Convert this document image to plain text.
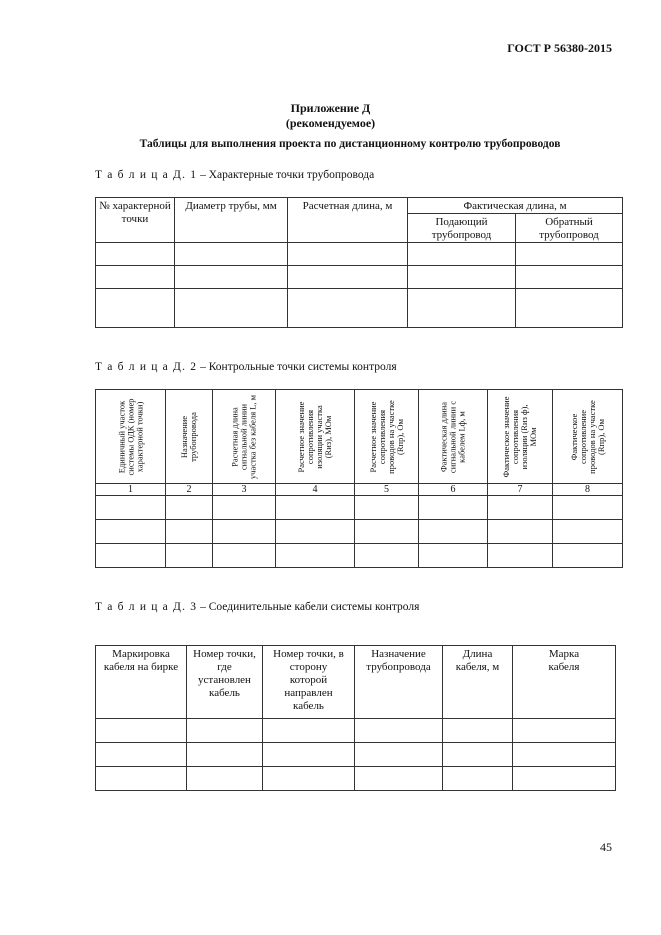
ГОСТ Р 56380-2015
Приложение Д
(рекомендуемое)
Таблицы для выполнения проекта по дистанционному контролю трубопроводов
Т а б л и ц а Д. 1 – Характерные точки трубопровода
№ характерной точки	Диаметр трубы, мм	Расчетная длина, м	Фактическая длина, м	
			Подающий трубопровод	Обратный трубопровод

Т а б л и ц а Д. 2 – Контрольные точки системы контроля
Единичный участок системы ОДК (номер характерной точки)	Назначение трубопровода	Расчетная длина сигнальной линии участка без кабеля L, м	Расчетное значение сопротивления изоляции участка (Rиз), МОм	Расчетное значение сопротивления проводов на участке (Rпр), Ом	Фактическая длина сигнальной линии с кабелем Lф, м	Фактическое значение сопротивления изоляции (Rиз ф), МОм	Фактическое сопротивление проводов на участке (Rпр), Ом

1	2	3	4	5	6	7	8

Т а б л и ц а Д. 3 – Соединительные кабели системы контроля
Маркировка кабеля на бирке	Номер точки, где установлен кабель	Номер точки, в сторону которой направлен кабель	Назначение трубопровода	Длина кабеля, м	Марка кабеля

45
